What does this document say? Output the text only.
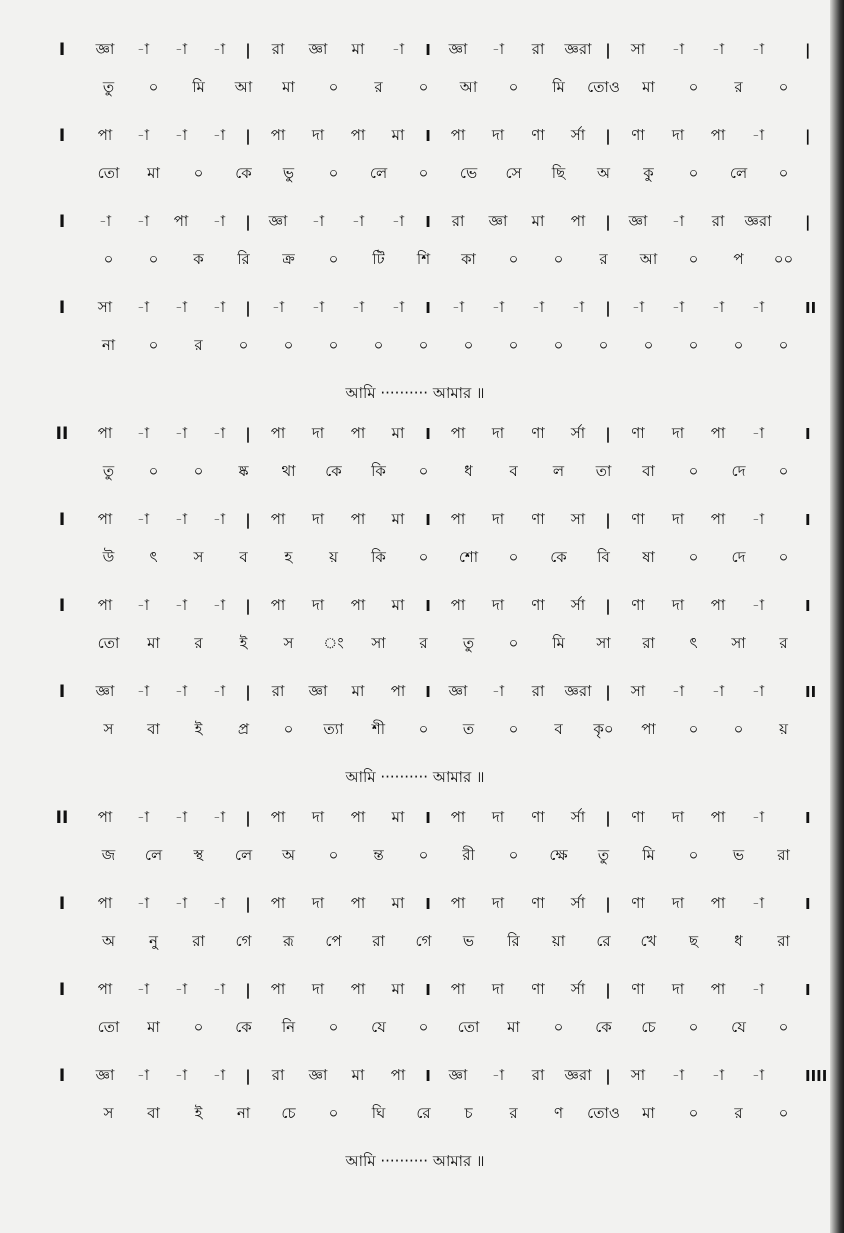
I	জ্ঞা	-া	-া	-া	|	রা	জ্ঞা	মা	-া	I	জ্ঞা	-া	রা	জ্ঞরা |	সা	-া	-া	-া	|
তু	০	মি	আ	মা	০	র	০	আ	০	মি	তোও	মা	০	র	০
I	পা	-া	-া	-া	|	পা	দা	পা	মা	I	পা	দা	ণা	র্সা	|	ণা	দা	পা	-া	|
তো	মা	০	কে	ভু	০	লে	০	ভে	সে	ছি	অ	কু	০	লে	০
I	-া	-া	পা	-া	|	জ্ঞা	-া	-া	-া	I	রা	জ্ঞা	মা	পা	|	জ্ঞা	-া	রা	জ্ঞরা	|
০	০	ক	রি	ক্র	০	টি	শি	কা	০	০	র	আ	০	প	০০
I	সা	-া	-া	-া	|	-া	-া	-া	-া	I	-া	-া	-া	-া	|	-া	-া	-া	-া	II
না	০	র	০	০	০	০	০	০	০	০	০	০	০	০	০
আমি ·········· আমার ॥
II	পা	-া	-া	-া	|	পা	দা	পা	মা	I	পা	দা	ণা	র্সা	|	ণা	দা	পা	-া	I
তু	০	০	ষ্ক	থা	কে	কি	০	ধ	ব	ল	তা	বা	০	দে	০
I	পা	-া	-া	-া	|	পা	দা	পা	মা	I	পা	দা	ণা	সা	|	ণা	দা	পা	-া	I
উ	ৎ	স	ব	হ	য়	কি	০	শো	০	কে	বি	ষা	০	দে	০
I	পা	-া	-া	-া	|	পা	দা	পা	মা	I	পা	দা	ণা	র্সা	|	ণা	দা	পা	-া	I
তো	মা	র	ই	স	ং	সা	র	তু	০	মি	সা	রা	ৎ	সা	র
I	জ্ঞা	-া	-া	-া	|	রা	জ্ঞা	মা	পা	I	জ্ঞা	-া	রা	জ্ঞরা |	সা	-া	-া	-া	II
স	বা	ই	প্র	০	ত্যা	শী	০	ত	০	ব	কৃ০	পা	০	০	য়
আমি ·········· আমার ॥
II	পা	-া	-া	-া	|	পা	দা	পা	মা	I	পা	দা	ণা	র্সা	|	ণা	দা	পা	-া	I
জ	লে	স্থ	লে	অ	০	ন্ত	০	রী	০	ক্ষে	তু	মি	০	ভ	রা
I	পা	-া	-া	-া	|	পা	দা	পা	মা	I	পা	দা	ণা	র্সা	|	ণা	দা	পা	-া	I
অ	নু	রা	গে	রূ	পে	রা	গে	ভ	রি	য়া	রে	খে	ছ	ধ	রা
I	পা	-া	-া	-া	|	পা	দা	পা	মা	I	পা	দা	ণা	র্সা	|	ণা	দা	পা	-া	I
তো	মা	০	কে	নি	০	যে	০	তো	মা	০	কে	চে	০	যে	০
I	জ্ঞা	-া	-া	-া	|	রা	জ্ঞা	মা	পা	I	জ্ঞা	-া	রা	জ্ঞরা |	সা	-া	-া	-া	IIII
স	বা	ই	না	চে	০	ঘি	রে	চ	র	ণ	তোও	মা	০	র	০
আমি ·········· আমার ॥
